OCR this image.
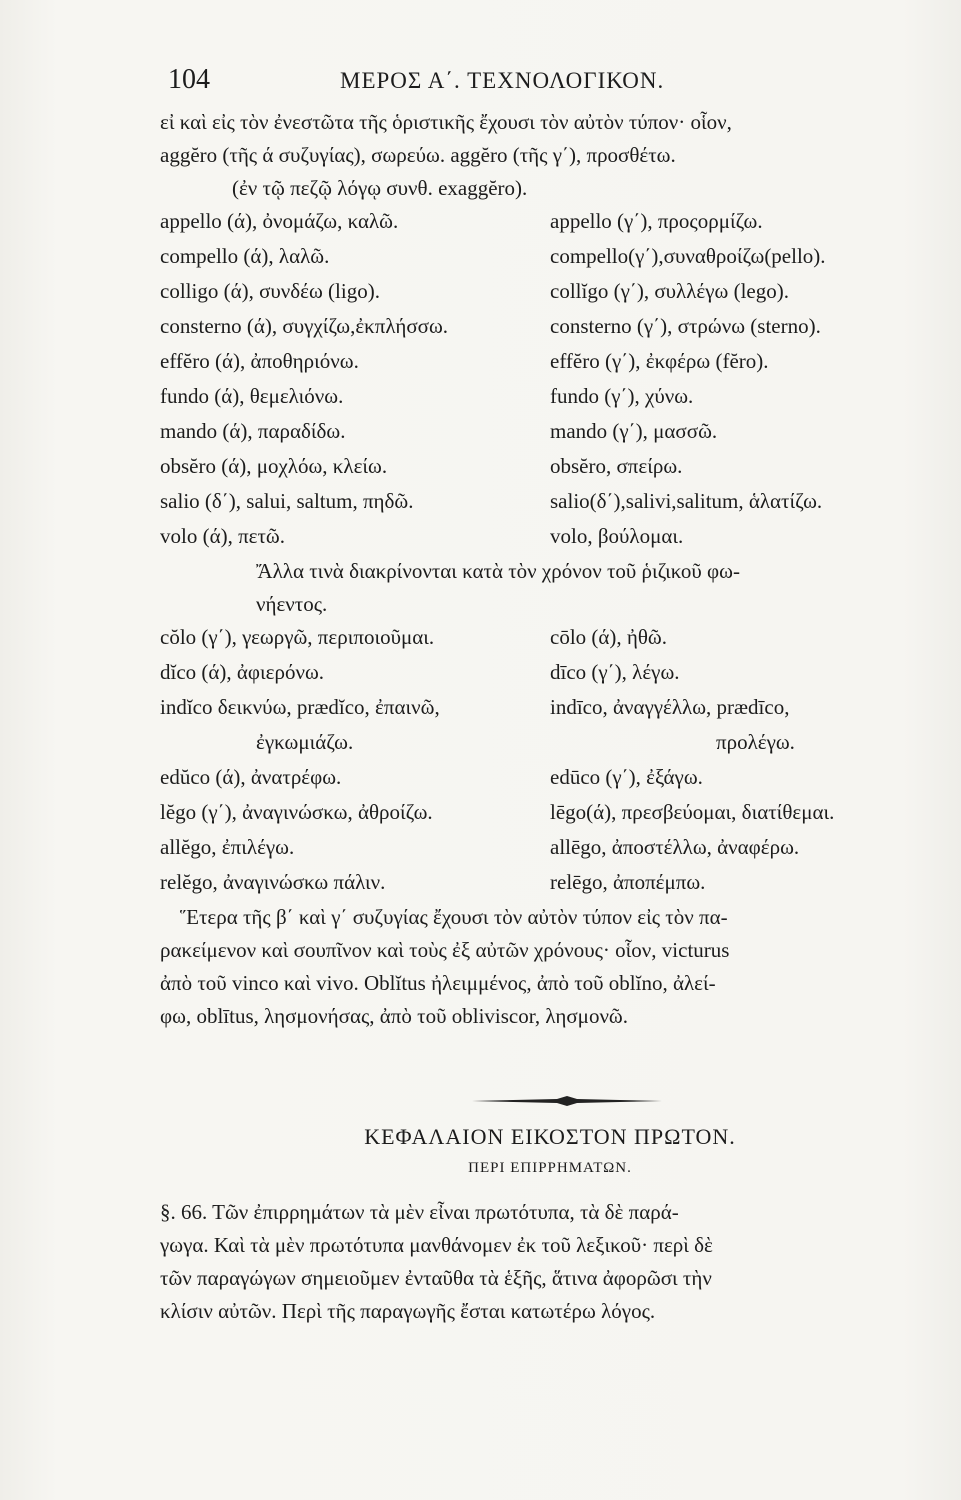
104	ΜΕΡΟΣ Α΄. ΤΕΧΝΟΛΟΓΙΚΟΝ.
εἰ καὶ εἰς τὸν ἐνεστῶτα τῆς ὁριστικῆς ἔχουσι τὸν αὐτὸν τύπον· οἷον,
aggĕro (τῆς ά συζυγίας), σωρεύω. aggĕro (τῆς γ΄), προσθέτω.
(ἐν τῷ πεζῷ λόγῳ συνθ. exaggĕro).
appello (ά), ὀνομάζω, καλῶ.	appello (γ΄), προςορμίζω.
compello (ά), λαλῶ.	compello(γ΄),συναθροίζω(pello).
colligo (ά), συνδέω (ligo).	collĭgo (γ΄), συλλέγω (lego).
consterno (ά), συγχίζω,ἐκπλήσσω.	consterno (γ΄), στρώνω (sterno).
effĕro (ά), ἀποθηριόνω.	effĕro (γ΄), ἐκφέρω (fĕro).
fundo (ά), θεμελιόνω.	fundo (γ΄), χύνω.
mando (ά), παραδίδω.	mando (γ΄), μασσῶ.
obsĕro (ά), μοχλόω, κλείω.	obsĕro, σπείρω.
salio (δ΄), salui, saltum, πηδῶ.	salio(δ΄),salivi,salitum, ἁλατίζω.
volo (ά), πετῶ.	volo, βούλομαι.
Ἄλλα τινὰ διακρίνονται κατὰ τὸν χρόνον τοῦ ῥιζικοῦ φω-
νήεντος.
cŏlo (γ΄), γεωργῶ, περιποιοῦμαι.	cōlo (ά), ἠθῶ.
dĭco (ά), ἀφιερόνω.	dīco (γ΄), λέγω.
indĭco δεικνύω, prædĭco, ἐπαινῶ,	indīco, ἀναγγέλλω, prædīco,
ἐγκωμιάζω.	προλέγω.
edŭco (ά), ἀνατρέφω.	edūco (γ΄), ἐξάγω.
lĕgo (γ΄), ἀναγινώσκω, ἀθροίζω.	lēgo(ά), πρεσβεύομαι, διατίθεμαι.
allĕgo, ἐπιλέγω.	allēgo, ἀποστέλλω, ἀναφέρω.
relĕgo, ἀναγινώσκω πάλιν.	relēgo, ἀποπέμπω.
Ἕτερα τῆς β΄ καὶ γ΄ συζυγίας ἔχουσι τὸν αὐτὸν τύπον εἰς τὸν πα-
ρακείμενον καὶ σουπῖνον καὶ τοὺς ἐξ αὐτῶν χρόνους· οἷον, victurus
ἀπὸ τοῦ vinco καὶ vivo. Oblĭtus ἠλειμμένος, ἀπὸ τοῦ oblĭno, ἀλεί-
φω, oblītus, λησμονήσας, ἀπὸ τοῦ obliviscor, λησμονῶ.
ΚΕΦΑΛΑΙΟΝ ΕΙΚΟΣΤΟΝ ΠΡΩΤΟΝ.
ΠΕΡΙ ΕΠΙΡΡΗΜΑΤΩΝ.
§. 66. Τῶν ἐπιρρημάτων τὰ μὲν εἶναι πρωτότυπα, τὰ δὲ παρά-
γωγα. Καὶ τὰ μὲν πρωτότυπα μανθάνομεν ἐκ τοῦ λεξικοῦ· περὶ δὲ
τῶν παραγώγων σημειοῦμεν ἐνταῦθα τὰ ἑξῆς, ἅτινα ἀφορῶσι τὴν
κλίσιν αὐτῶν. Περὶ τῆς παραγωγῆς ἔσται κατωτέρω λόγος.
